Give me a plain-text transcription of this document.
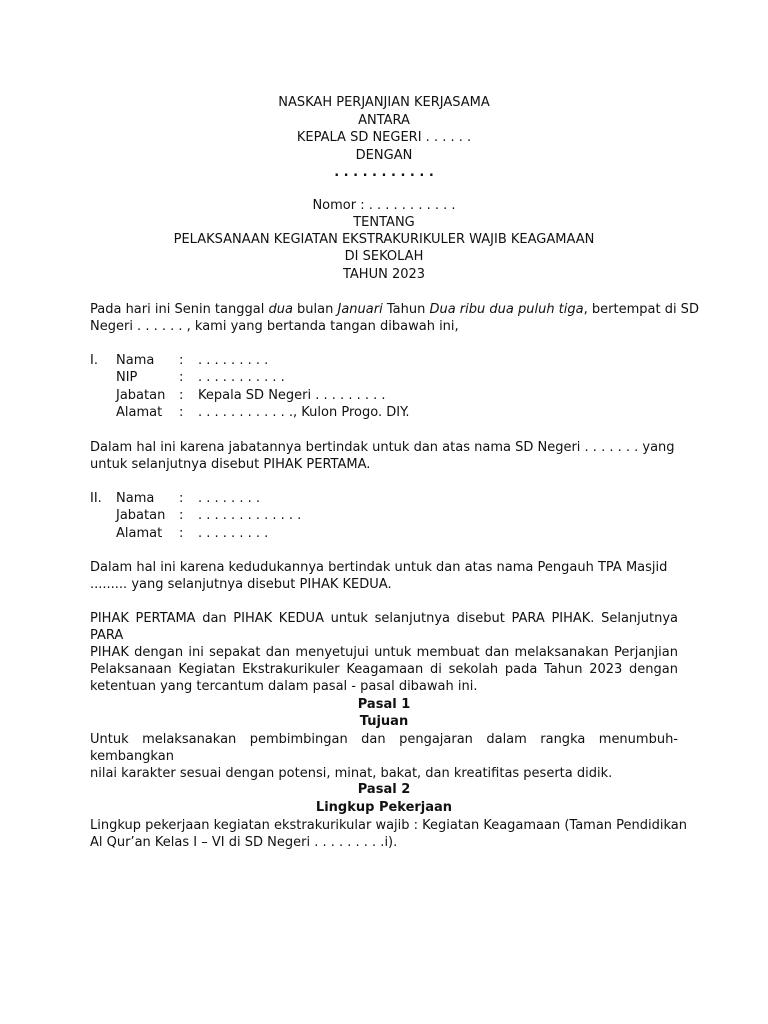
NASKAH PERJANJIAN KERJASAMA
ANTARA
KEPALA SD NEGERI . . . . . .
DENGAN
. . . . . . . . . . .
Nomor : . . . . . . . . . . .
TENTANG
PELAKSANAAN KEGIATAN EKSTRAKURIKULER WAJIB KEAGAMAAN
DI SEKOLAH
TAHUN 2023
Pada hari ini Senin tanggal dua bulan Januari Tahun Dua ribu dua puluh tiga, bertempat di SD
Negeri . . . . . . , kami yang bertanda tangan dibawah ini,
I. Nama : . . . . . . . . .
NIP	: . . . . . . . . . . .
Jabatan : Kepala SD Negeri . . . . . . . . .
Alamat : . . . . . . . . . . . ., Kulon Progo. DIY.
Dalam hal ini karena jabatannya bertindak untuk dan atas nama SD Negeri . . . . . . . yang
untuk selanjutnya disebut PIHAK PERTAMA.
II. Nama : . . . . . . . .
Jabatan : . . . . . . . . . . . . .
Alamat : . . . . . . . . .
Dalam hal ini karena kedudukannya bertindak untuk dan atas nama Pengauh TPA Masjid
......... yang selanjutnya disebut PIHAK KEDUA.
PIHAK PERTAMA dan PIHAK KEDUA untuk selanjutnya disebut PARA PIHAK. Selanjutnya PARA
PIHAK dengan ini sepakat dan menyetujui untuk membuat dan melaksanakan Perjanjian
Pelaksanaan Kegiatan Ekstrakurikuler Keagamaan di sekolah pada Tahun 2023 dengan
ketentuan yang tercantum dalam pasal - pasal dibawah ini.
Pasal 1
Tujuan
Untuk melaksanakan pembimbingan dan pengajaran dalam rangka menumbuh-kembangkan
nilai karakter sesuai dengan potensi, minat, bakat, dan kreatifitas peserta didik.
Pasal 2
Lingkup Pekerjaan
Lingkup pekerjaan kegiatan ekstrakurikular wajib : Kegiatan Keagamaan (Taman Pendidikan
Al Qur’an Kelas I – VI di SD Negeri . . . . . . . . .i).
